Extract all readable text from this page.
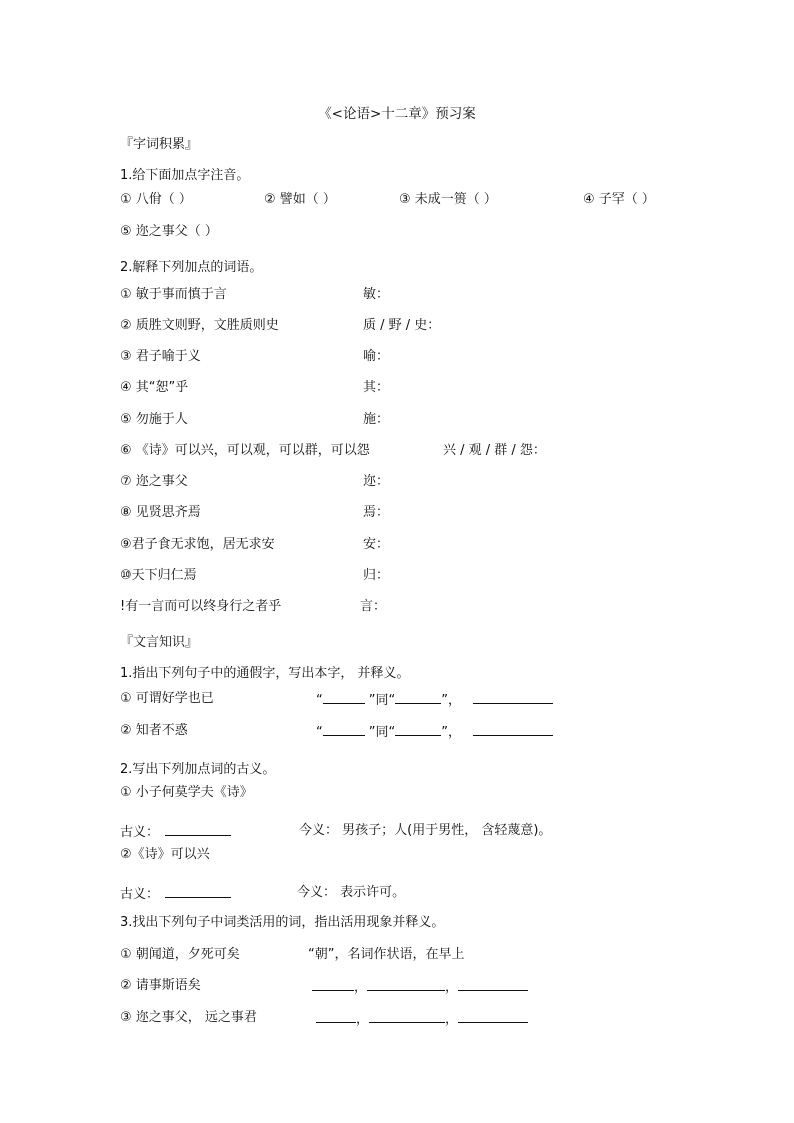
《<论语>十二章》预习案
『字词积累』
1.给下面加点字注音。
① 八佾（ ）	② 譬如（ ）	③ 未成一篑（ ）	④ 子罕（ ）
⑤ 迩之事父（ ）
2.解释下列加点的词语。
① 敏于事而慎于言	敏：
② 质胜文则野，文胜质则史	质 / 野 / 史：
③ 君子喻于义	喻：
④ 其“恕”乎	其：
⑤ 勿施于人	施：
⑥ 《诗》可以兴，可以观，可以群，可以怨	兴 / 观 / 群 / 怨：
⑦ 迩之事父	迩：
⑧ 见贤思齐焉	焉：
⑨君子食无求饱，居无求安	安：
⑩天下归仁焉	归：
!有一言而可以终身行之者乎	言：
『文言知识』
1.指出下列句子中的通假字，写出本字， 并释义。
① 可谓好学也已	“	”同“	”，
② 知者不惑	“	”同“	”，
2.写出下列加点词的古义。
① 小子何莫学夫《诗》
古义：	今义： 男孩子；人(用于男性， 含轻蔑意)。
②《诗》可以兴
古义：	今义： 表示许可。
3.找出下列句子中词类活用的词，指出活用现象并释义。
① 朝闻道，夕死可矣	“朝”，名词作状语，在早上
② 请事斯语矣	，	，
③ 迩之事父， 远之事君	，	，
